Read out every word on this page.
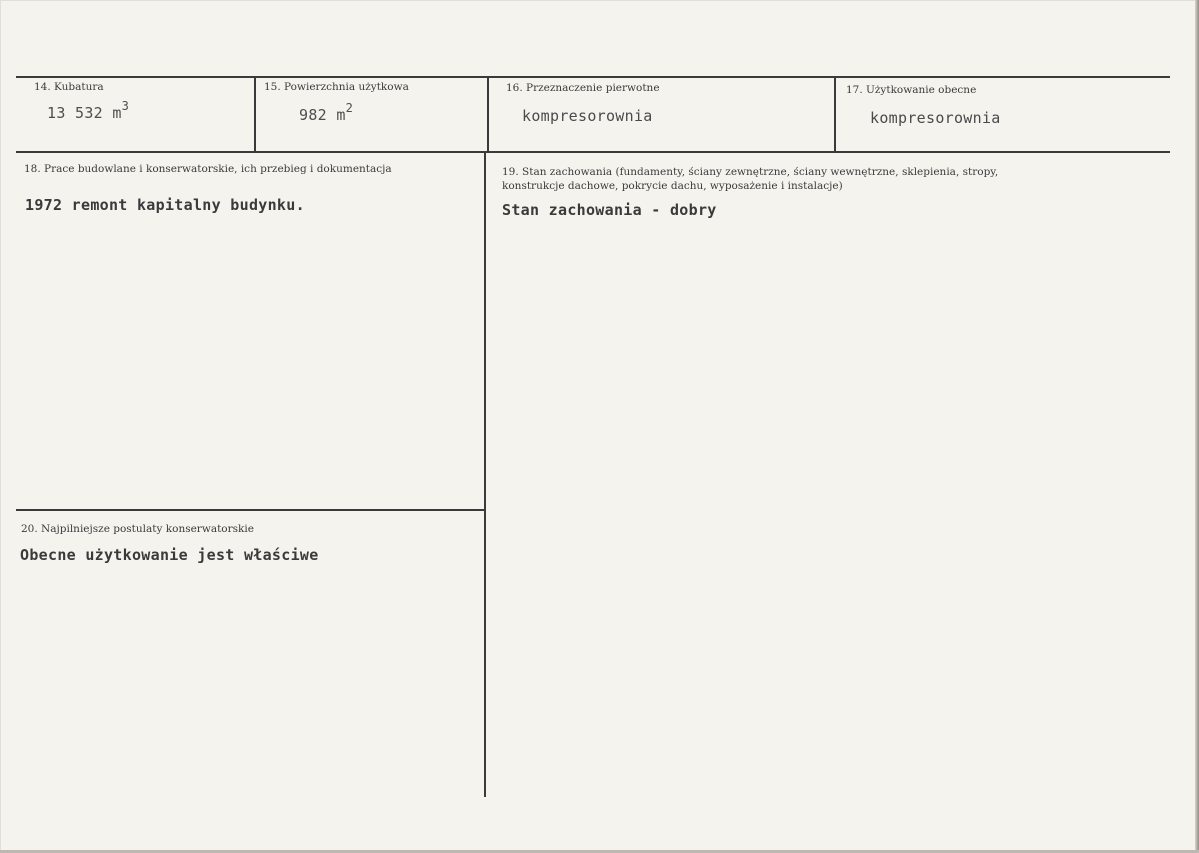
14. Kubatura
13 532 $m^3$
15. Powierzchnia użytkowa
982 $m^2$
16. Przeznaczenie pierwotne
kompresorownia
17. Użytkowanie obecne
kompresorownia
18. Prace budowlane i konserwatorskie, ich przebieg i dokumentacja
1972 remont kapitalny budynku.
19. Stan zachowania (fundamenty, ściany zewnętrzne, ściany wewnętrzne, sklepienia, stropy,
konstrukcje dachowe, pokrycie dachu, wyposażenie i instalacje)
Stan zachowania - dobry
20. Najpilniejsze postulaty konserwatorskie
Obecne użytkowanie jest właściwe
